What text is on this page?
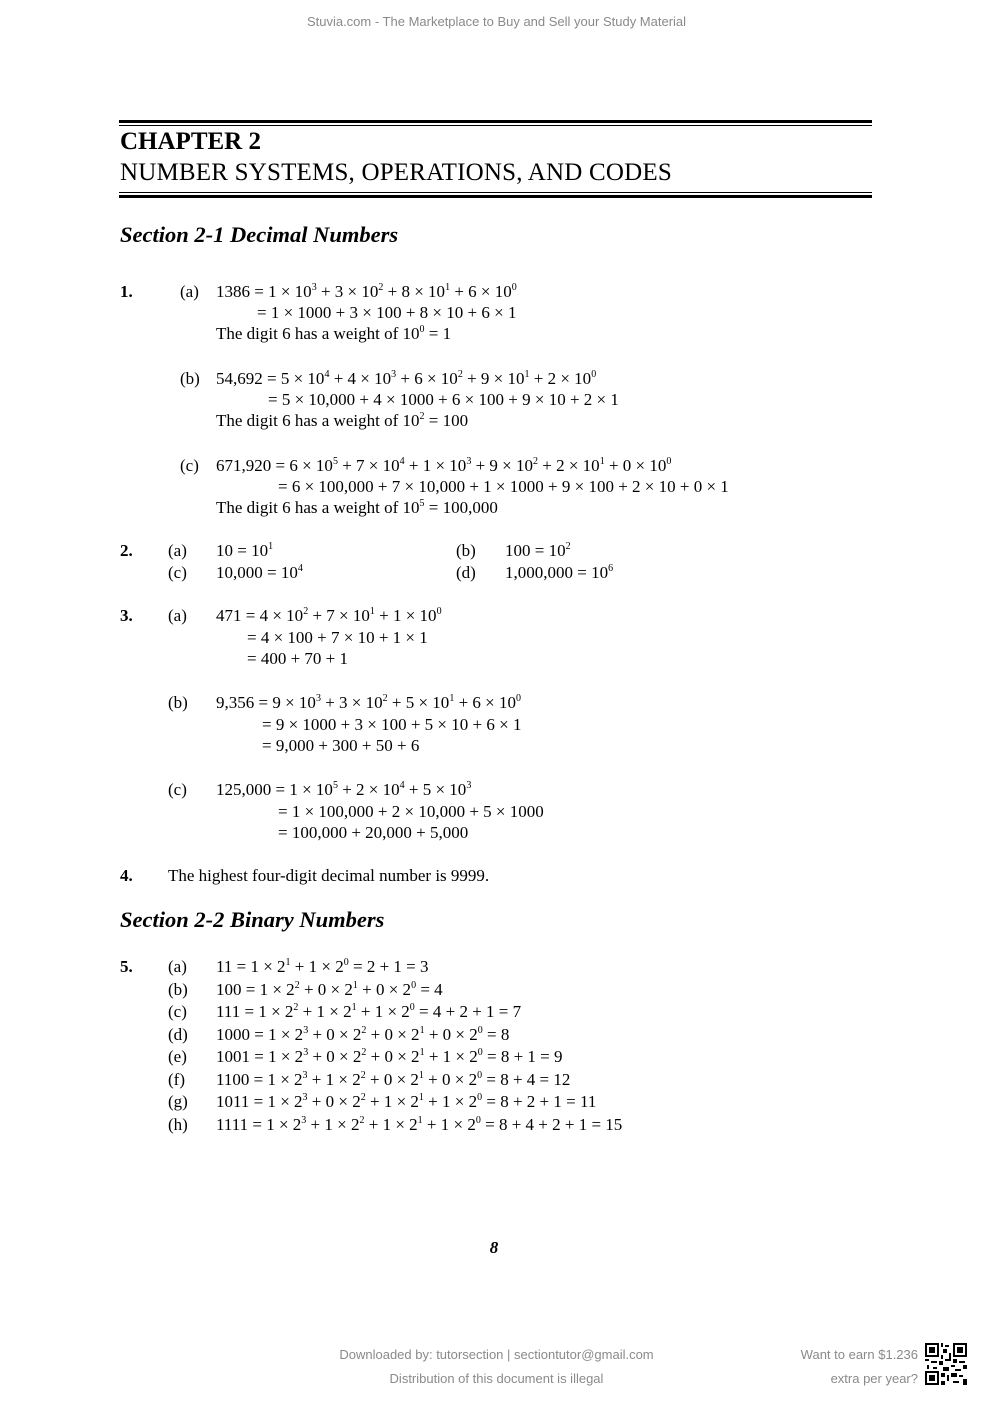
Stuvia.com - The Marketplace to Buy and Sell your Study Material
CHAPTER 2
NUMBER SYSTEMS, OPERATIONS, AND CODES
Section 2-1 Decimal Numbers
1.	(a) $1386 = 1 \times 10^3 + 3 \times 10^2 + 8 \times 10^1 + 6 \times 10^0$
= 1 × 1000 + 3 × 100 + 8 × 10 + 6 × 1
The digit 6 has a weight of $10^0 = 1$
(b) $54,692 = 5 \times 10^4 + 4 \times 10^3 + 6 \times 10^2 + 9 \times 10^1 + 2 \times 10^0$
= 5 × 10,000 + 4 × 1000 + 6 × 100 + 9 × 10 + 2 × 1
The digit 6 has a weight of $10^2 = 100$
(c) $671,920 = 6 \times 10^5 + 7 \times 10^4 + 1 \times 10^3 + 9 \times 10^2 + 2 \times 10^1 + 0 \times 10^0$
= 6 × 100,000 + 7 × 10,000 + 1 × 1000 + 9 × 100 + 2 × 10 + 0 × 1
The digit 6 has a weight of $10^5 = 100,000$
2. (a) $10 = 10^1$	(b) $100 = 10^2$
(c) $10,000 = 10^4$	(d) $1,000,000 = 10^6$
3. (a) $471 = 4 \times 10^2 + 7 \times 10^1 + 1 \times 10^0$
= 4 × 100 + 7 × 10 + 1 × 1
= 400 + 70 + 1
(b) $9,356 = 9 \times 10^3 + 3 \times 10^2 + 5 \times 10^1 + 6 \times 10^0$
= 9 × 1000 + 3 × 100 + 5 × 10 + 6 × 1
= 9,000 + 300 + 50 + 6
(c) $125,000 = 1 \times 10^5 + 2 \times 10^4 + 5 \times 10^3$
= 1 × 100,000 + 2 × 10,000 + 5 × 1000
= 100,000 + 20,000 + 5,000
4. The highest four-digit decimal number is 9999.
Section 2-2 Binary Numbers
5. (a) $11 = 1 \times 2^1 + 1 \times 2^0 = 2 + 1 = 3$
(b) $100 = 1 \times 2^2 + 0 \times 2^1 + 0 \times 2^0 = 4$
(c) $111 = 1 \times 2^2 + 1 \times 2^1 + 1 \times 2^0 = 4 + 2 + 1 = 7$
(d) $1000 = 1 \times 2^3 + 0 \times 2^2 + 0 \times 2^1 + 0 \times 2^0 = 8$
(e) $1001 = 1 \times 2^3 + 0 \times 2^2 + 0 \times 2^1 + 1 \times 2^0 = 8 + 1 = 9$
(f) $1100 = 1 \times 2^3 + 1 \times 2^2 + 0 \times 2^1 + 0 \times 2^0 = 8 + 4 = 12$
(g) $1011 = 1 \times 2^3 + 0 \times 2^2 + 1 \times 2^1 + 1 \times 2^0 = 8 + 2 + 1 = 11$
(h) $1111 = 1 \times 2^3 + 1 \times 2^2 + 1 \times 2^1 + 1 \times 2^0 = 8 + 4 + 2 + 1 = 15$
8
Downloaded by: tutorsection | sectiontutor@gmail.com
Distribution of this document is illegal
Want to earn $1.236
extra per year?
